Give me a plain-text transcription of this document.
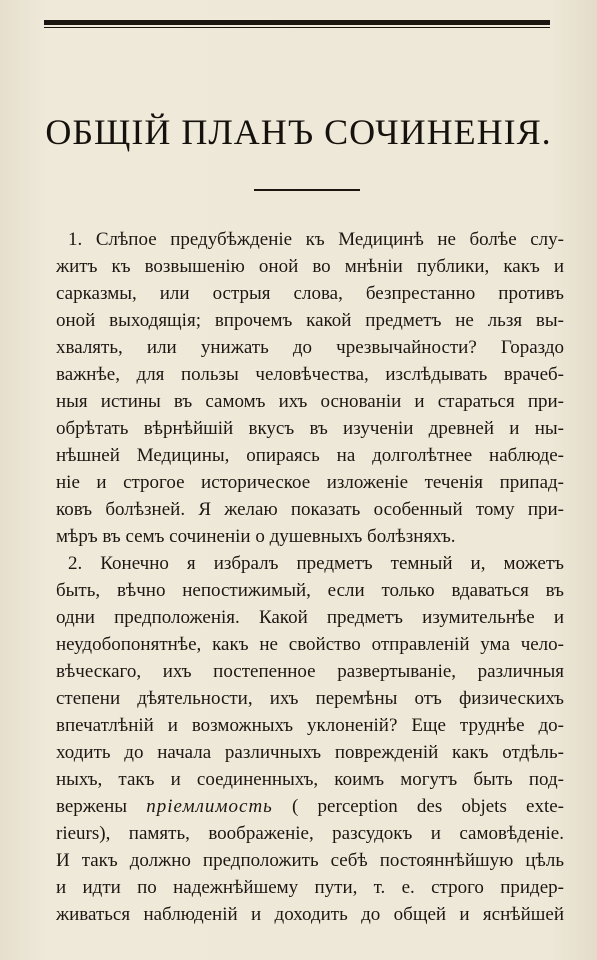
ОБЩІЙ ПЛАНЪ СОЧИНЕНІЯ.
1. Слѣпое предубѣжденіе къ Медицинѣ не болѣе слу-
житъ къ возвышенію оной во мнѣніи публики, какъ и
сарказмы, или острыя слова, безпрестанно противъ
оной выходящія; впрочемъ какой предметъ не льзя вы-
хвалять, или унижать до чрезвычайности? Гораздо
важнѣе, для пользы человѣчества, изслѣдывать врачеб-
ныя истины въ самомъ ихъ основаніи и стараться при-
обрѣтать вѣрнѣйшій вкусъ въ изученіи древней и ны-
нѣшней Медицины, опираясь на долголѣтнее наблюде-
ніе и строгое историческое изложеніе теченія припад-
ковъ болѣзней. Я желаю показать особенный тому при-
мѣръ въ семъ сочиненіи о душевныхъ болѣзняхъ.
2. Конечно я избралъ предметъ темный и, можетъ
быть, вѣчно непостижимый, если только вдаваться въ
одни предположенія. Какой предметъ изумительнѣе и
неудобопонятнѣе, какъ не свойство отправленій ума чело-
вѣческаго, ихъ постепенное развертываніе, различныя
степени дѣятельности, ихъ перемѣны отъ физическихъ
впечатлѣній и возможныхъ уклоненій? Еще труднѣе до-
ходить до начала различныхъ поврежденій какъ отдѣль-
ныхъ, такъ и соединенныхъ, коимъ могутъ быть под-
вержены пріемлимость ( perception des objets exte-
rieurs), память, воображеніе, разсудокъ и самовѣденіе.
И такъ должно предположить себѣ постояннѣйшую цѣль
и идти по надежнѣйшему пути, т. е. строго придер-
живаться наблюденій и доходить до общей и яснѣйшей
